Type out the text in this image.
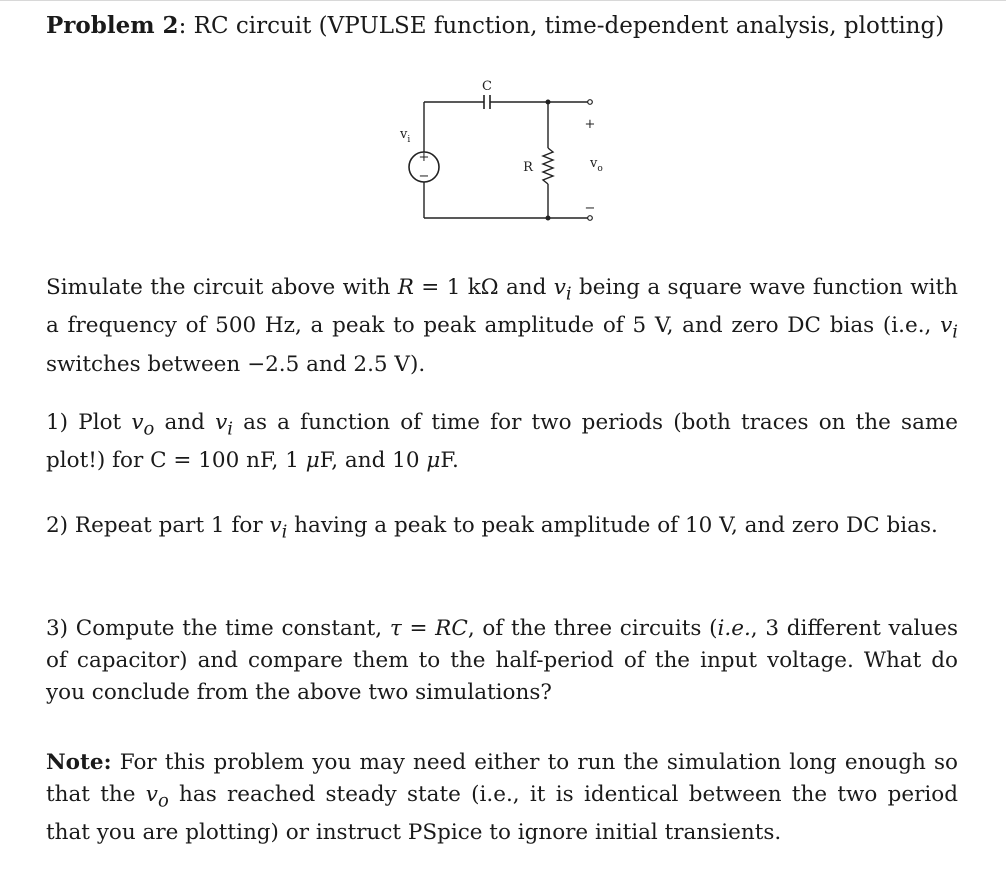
Problem 2: RC circuit (VPULSE function, time-dependent analysis, plotting)
+
−
C
R
+
−
$v_i$
$v_o$
Simulate the circuit above with R = 1 kΩ and $v_i$ being a square wave function with a frequency of 500 Hz, a peak to peak amplitude of 5 V, and zero DC bias (i.e., $v_i$ switches between −2.5 and 2.5 V).
1) Plot $v_o$ and $v_i$ as a function of time for two periods (both traces on the same plot!) for C = 100 nF, 1 μF, and 10 μF.
2) Repeat part 1 for $v_i$ having a peak to peak amplitude of 10 V, and zero DC bias.
3) Compute the time constant, τ = RC, of the three circuits (i.e., 3 different values of capacitor) and compare them to the half-period of the input voltage. What do you conclude from the above two simulations?
Note: For this problem you may need either to run the simulation long enough so that the $v_o$ has reached steady state (i.e., it is identical between the two period that you are plotting) or instruct PSpice to ignore initial transients.
